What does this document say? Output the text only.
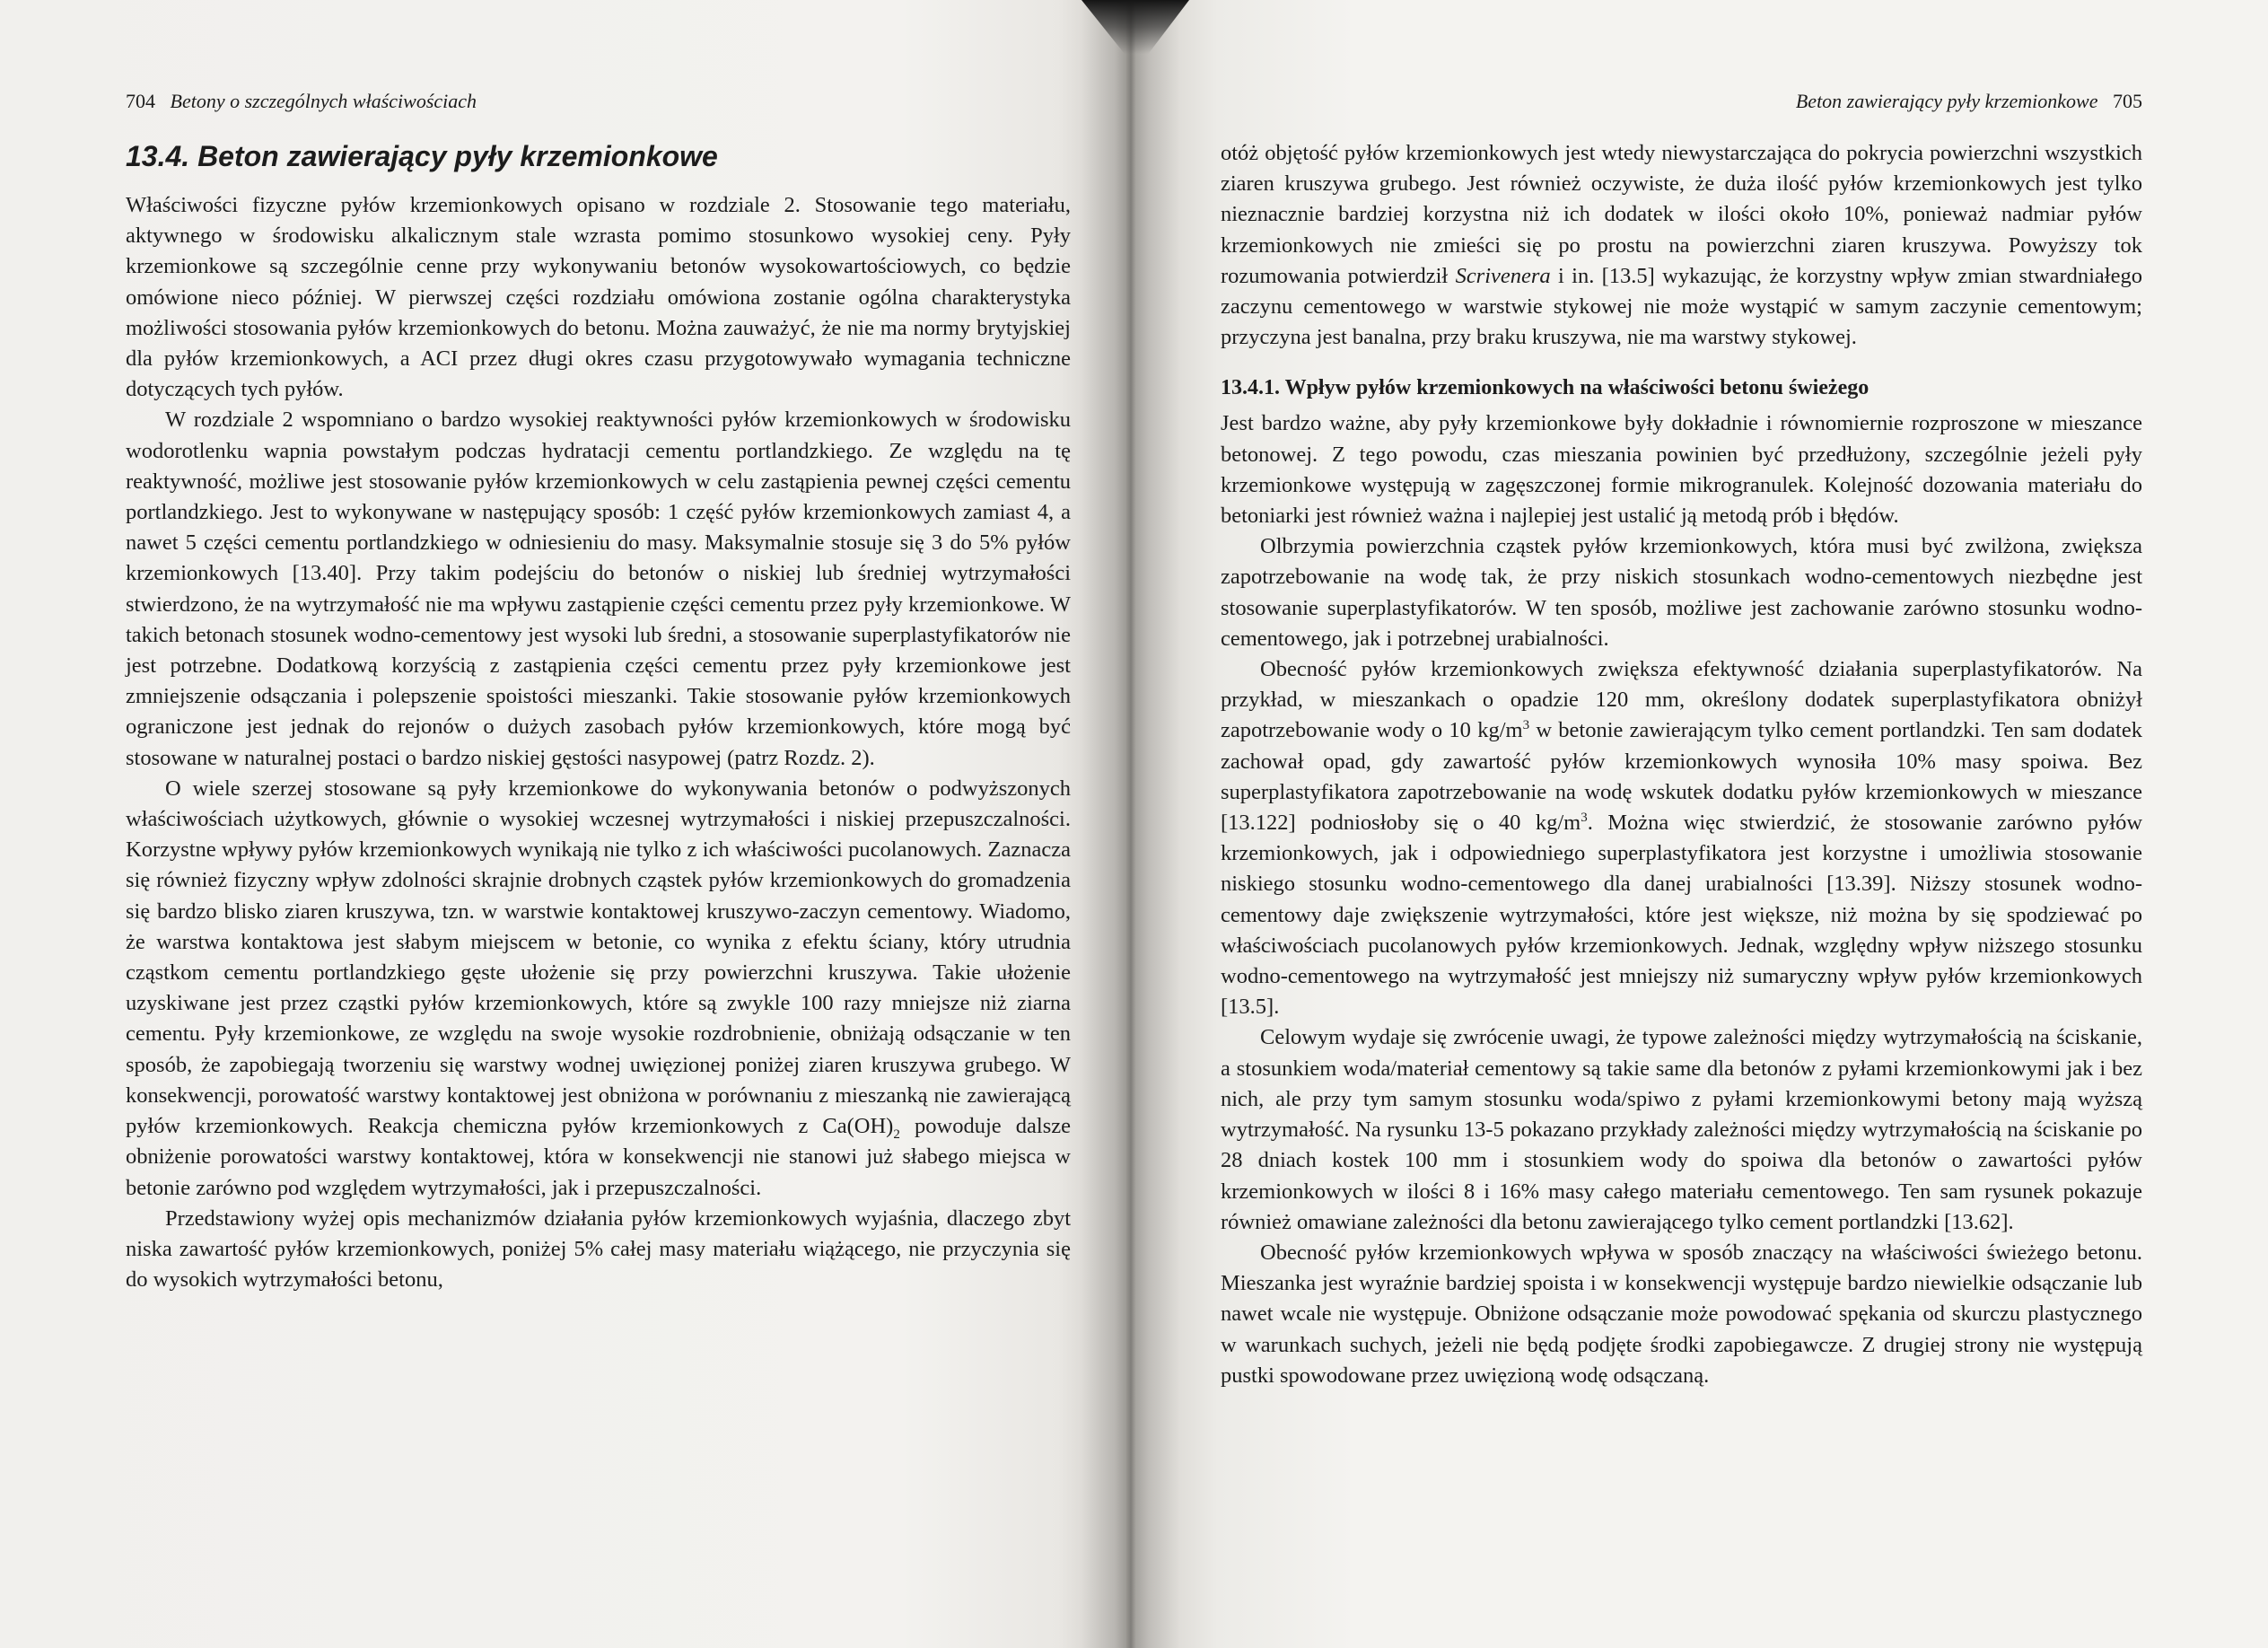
704 Betony o szczególnych właściwościach
13.4. Beton zawierający pyły krzemionkowe

Właściwości fizyczne pyłów krzemionkowych opisano w rozdziale 2. Stosowanie tego materiału, aktywnego w środowisku alkalicznym stale wzrasta pomimo stosunkowo wysokiej ceny. Pyły krzemionkowe są szczególnie cenne przy wykonywaniu betonów wysokowartościowych, co będzie omówione nieco później. W pierwszej części rozdziału omówiona zostanie ogólna charakterystyka możliwości stosowania pyłów krzemionkowych do betonu. Można zauważyć, że nie ma normy brytyjskiej dla pyłów krzemionkowych, a ACI przez długi okres czasu przygotowywało wymagania techniczne dotyczących tych pyłów.

W rozdziale 2 wspomniano o bardzo wysokiej reaktywności pyłów krzemionkowych w środowisku wodorotlenku wapnia powstałym podczas hydratacji cementu portlandzkiego. Ze względu na tę reaktywność, możliwe jest stosowanie pyłów krzemionkowych w celu zastąpienia pewnej części cementu portlandzkiego. Jest to wykonywane w następujący sposób: 1 część pyłów krzemionkowych zamiast 4, a nawet 5 części cementu portlandzkiego w odniesieniu do masy. Maksymalnie stosuje się 3 do 5% pyłów krzemionkowych [13.40]. Przy takim podejściu do betonów o niskiej lub średniej wytrzymałości stwierdzono, że na wytrzymałość nie ma wpływu zastąpienie części cementu przez pyły krzemionkowe. W takich betonach stosunek wodno-cementowy jest wysoki lub średni, a stosowanie superplastyfikatorów nie jest potrzebne. Dodatkową korzyścią z zastąpienia części cementu przez pyły krzemionkowe jest zmniejszenie odsączania i polepszenie spoistości mieszanki. Takie stosowanie pyłów krzemionkowych ograniczone jest jednak do rejonów o dużych zasobach pyłów krzemionkowych, które mogą być stosowane w naturalnej postaci o bardzo niskiej gęstości nasypowej (patrz Rozdz. 2).

O wiele szerzej stosowane są pyły krzemionkowe do wykonywania betonów o podwyższonych właściwościach użytkowych, głównie o wysokiej wczesnej wytrzymałości i niskiej przepuszczalności. Korzystne wpływy pyłów krzemionkowych wynikają nie tylko z ich właściwości pucolanowych. Zaznacza się również fizyczny wpływ zdolności skrajnie drobnych cząstek pyłów krzemionkowych do gromadzenia się bardzo blisko ziaren kruszywa, tzn. w warstwie kontaktowej kruszywo-zaczyn cementowy. Wiadomo, że warstwa kontaktowa jest słabym miejscem w betonie, co wynika z efektu ściany, który utrudnia cząstkom cementu portlandzkiego gęste ułożenie się przy powierzchni kruszywa. Takie ułożenie uzyskiwane jest przez cząstki pyłów krzemionkowych, które są zwykle 100 razy mniejsze niż ziarna cementu. Pyły krzemionkowe, ze względu na swoje wysokie rozdrobnienie, obniżają odsączanie w ten sposób, że zapobiegają tworzeniu się warstwy wodnej uwięzionej poniżej ziaren kruszywa grubego. W konsekwencji, porowatość warstwy kontaktowej jest obniżona w porównaniu z mieszanką nie zawierającą pyłów krzemionkowych. Reakcja chemiczna pyłów krzemionkowych z $Ca(OH)_2$ powoduje dalsze obniżenie porowatości warstwy kontaktowej, która w konsekwencji nie stanowi już słabego miejsca w betonie zarówno pod względem wytrzymałości, jak i przepuszczalności.

Przedstawiony wyżej opis mechanizmów działania pyłów krzemionkowych wyjaśnia, dlaczego zbyt niska zawartość pyłów krzemionkowych, poniżej 5% całej masy materiału wiążącego, nie przyczynia się do wysokich wytrzymałości betonu,

Beton zawierający pyły krzemionkowe 705

otóż objętość pyłów krzemionkowych jest wtedy niewystarczająca do pokrycia powierzchni wszystkich ziaren kruszywa grubego. Jest również oczywiste, że duża ilość pyłów krzemionkowych jest tylko nieznacznie bardziej korzystna niż ich dodatek w ilości około 10%, ponieważ nadmiar pyłów krzemionkowych nie zmieści się po prostu na powierzchni ziaren kruszywa. Powyższy tok rozumowania potwierdził Scrivenera i in. [13.5] wykazując, że korzystny wpływ zmian stwardniałego zaczynu cementowego w warstwie stykowej nie może wystąpić w samym zaczynie cementowym; przyczyna jest banalna, przy braku kruszywa, nie ma warstwy stykowej.

13.4.1. Wpływ pyłów krzemionkowych na właściwości betonu świeżego

Jest bardzo ważne, aby pyły krzemionkowe były dokładnie i równomiernie rozproszone w mieszance betonowej. Z tego powodu, czas mieszania powinien być przedłużony, szczególnie jeżeli pyły krzemionkowe występują w zagęszczonej formie mikrogranulek. Kolejność dozowania materiału do betoniarki jest również ważna i najlepiej jest ustalić ją metodą prób i błędów.

Olbrzymia powierzchnia cząstek pyłów krzemionkowych, która musi być zwilżona, zwiększa zapotrzebowanie na wodę tak, że przy niskich stosunkach wodno-cementowych niezbędne jest stosowanie superplastyfikatorów. W ten sposób, możliwe jest zachowanie zarówno stosunku wodno-cementowego, jak i potrzebnej urabialności.

Obecność pyłów krzemionkowych zwiększa efektywność działania superplastyfikatorów. Na przykład, w mieszankach o opadzie 120 mm, określony dodatek superplastyfikatora obniżył zapotrzebowanie wody o 10 $kg/m^3$ w betonie zawierającym tylko cement portlandzki. Ten sam dodatek zachował opad, gdy zawartość pyłów krzemionkowych wynosiła 10% masy spoiwa. Bez superplastyfikatora zapotrzebowanie na wodę wskutek dodatku pyłów krzemionkowych w mieszance [13.122] podniosłoby się o 40 $kg/m^3$. Można więc stwierdzić, że stosowanie zarówno pyłów krzemionkowych, jak i odpowiedniego superplastyfikatora jest korzystne i umożliwia stosowanie niskiego stosunku wodno-cementowego dla danej urabialności [13.39]. Niższy stosunek wodno-cementowy daje zwiększenie wytrzymałości, które jest większe, niż można by się spodziewać po właściwościach pucolanowych pyłów krzemionkowych. Jednak, względny wpływ niższego stosunku wodno-cementowego na wytrzymałość jest mniejszy niż sumaryczny wpływ pyłów krzemionkowych [13.5].

Celowym wydaje się zwrócenie uwagi, że typowe zależności między wytrzymałością na ściskanie, a stosunkiem woda/materiał cementowy są takie same dla betonów z pyłami krzemionkowymi jak i bez nich, ale przy tym samym stosunku woda/spiwo z pyłami krzemionkowymi betony mają wyższą wytrzymałość. Na rysunku 13-5 pokazano przykłady zależności między wytrzymałością na ściskanie po 28 dniach kostek 100 mm i stosunkiem wody do spoiwa dla betonów o zawartości pyłów krzemionkowych w ilości 8 i 16% masy całego materiału cementowego. Ten sam rysunek pokazuje również omawiane zależności dla betonu zawierającego tylko cement portlandzki [13.62].

Obecność pyłów krzemionkowych wpływa w sposób znaczący na właściwości świeżego betonu. Mieszanka jest wyraźnie bardziej spoista i w konsekwencji występuje bardzo niewielkie odsączanie lub nawet wcale nie występuje. Obniżone odsączanie może powodować spękania od skurczu plastycznego w warunkach suchych, jeżeli nie będą podjęte środki zapobiegawcze. Z drugiej strony nie występują pustki spowodowane przez uwięzioną wodę odsączaną.
